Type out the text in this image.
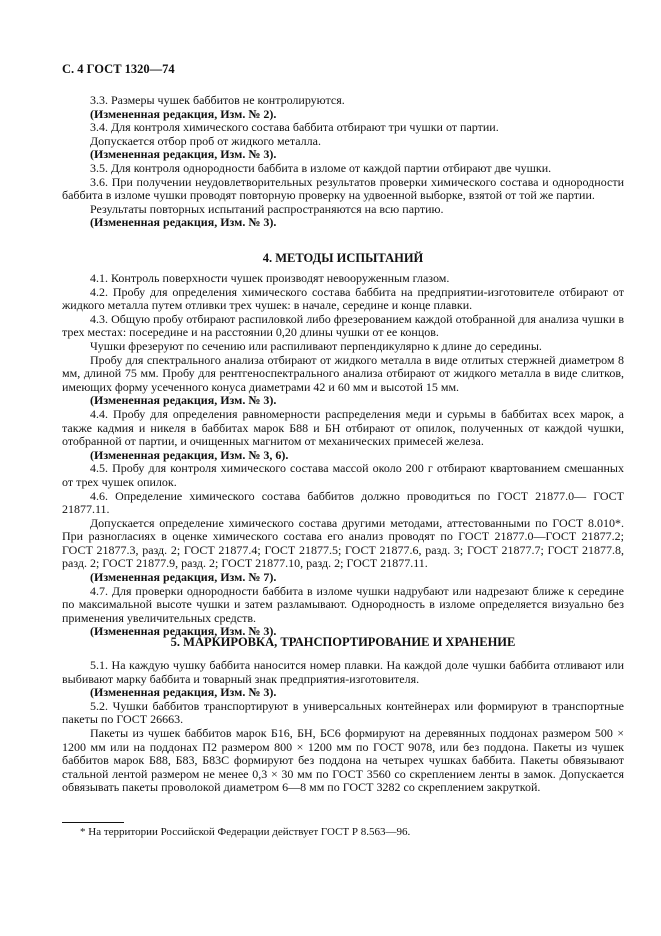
С. 4 ГОСТ 1320—74

3.3. Размеры чушек баббитов не контролируются.

(Измененная редакция, Изм. № 2).

3.4. Для контроля химического состава баббита отбирают три чушки от партии.

Допускается отбор проб от жидкого металла.

(Измененная редакция, Изм. № 3).

3.5. Для контроля однородности баббита в изломе от каждой партии отбирают две чушки.

3.6. При получении неудовлетворительных результатов проверки химического состава и однородности баббита в изломе чушки проводят повторную проверку на удвоенной выборке, взятой от той же партии.

Результаты повторных испытаний распространяются на всю партию.

(Измененная редакция, Изм. № 3).

4. МЕТОДЫ ИСПЫТАНИЙ

4.1. Контроль поверхности чушек производят невооруженным глазом.

4.2. Пробу для определения химического состава баббита на предприятии-изготовителе отбирают от жидкого металла путем отливки трех чушек: в начале, середине и конце плавки.

4.3. Общую пробу отбирают распиловкой либо фрезерованием каждой отобранной для анализа чушки в трех местах: посередине и на расстоянии 0,20 длины чушки от ее концов.

Чушки фрезеруют по сечению или распиливают перпендикулярно к длине до середины.

Пробу для спектрального анализа отбирают от жидкого металла в виде отлитых стержней диаметром 8 мм, длиной 75 мм. Пробу для рентгеноспектрального анализа отбирают от жидкого металла в виде слитков, имеющих форму усеченного конуса диаметрами 42 и 60 мм и высотой 15 мм.

(Измененная редакция, Изм. № 3).

4.4. Пробу для определения равномерности распределения меди и сурьмы в баббитах всех марок, а также кадмия и никеля в баббитах марок Б88 и БН отбирают от опилок, полученных от каждой чушки, отобранной от партии, и очищенных магнитом от механических примесей железа.

(Измененная редакция, Изм. № 3, 6).

4.5. Пробу для контроля химического состава массой около 200 г отбирают квартованием смешанных от трех чушек опилок.

4.6. Определение химического состава баббитов должно проводиться по ГОСТ 21877.0— ГОСТ 21877.11.

Допускается определение химического состава другими методами, аттестованными по ГОСТ 8.010*. При разногласиях в оценке химического состава его анализ проводят по ГОСТ 21877.0—ГОСТ 21877.2; ГОСТ 21877.3, разд. 2; ГОСТ 21877.4; ГОСТ 21877.5; ГОСТ 21877.6, разд. 3; ГОСТ 21877.7; ГОСТ 21877.8, разд. 2; ГОСТ 21877.9, разд. 2; ГОСТ 21877.10, разд. 2; ГОСТ 21877.11.

(Измененная редакция, Изм. № 7).

4.7. Для проверки однородности баббита в изломе чушки надрубают или надрезают ближе к середине по максимальной высоте чушки и затем разламывают. Однородность в изломе определяется визуально без применения увеличительных средств.

(Измененная редакция, Изм. № 3).

5. МАРКИРОВКА, ТРАНСПОРТИРОВАНИЕ И ХРАНЕНИЕ

5.1. На каждую чушку баббита наносится номер плавки. На каждой доле чушки баббита отливают или выбивают марку баббита и товарный знак предприятия-изготовителя.

(Измененная редакция, Изм. № 3).

5.2. Чушки баббитов транспортируют в универсальных контейнерах или формируют в транспортные пакеты по ГОСТ 26663.

Пакеты из чушек баббитов марок Б16, БН, БС6 формируют на деревянных поддонах размером 500 × 1200 мм или на поддонах П2 размером 800 × 1200 мм по ГОСТ 9078, или без поддона. Пакеты из чушек баббитов марок Б88, Б83, Б83С формируют без поддона на четырех чушках баббита. Пакеты обвязывают стальной лентой размером не менее 0,3 × 30 мм по ГОСТ 3560 со скреплением ленты в замок. Допускается обвязывать пакеты проволокой диаметром 6—8 мм по ГОСТ 3282 со скреплением закруткой.

* На территории Российской Федерации действует ГОСТ Р 8.563—96.
